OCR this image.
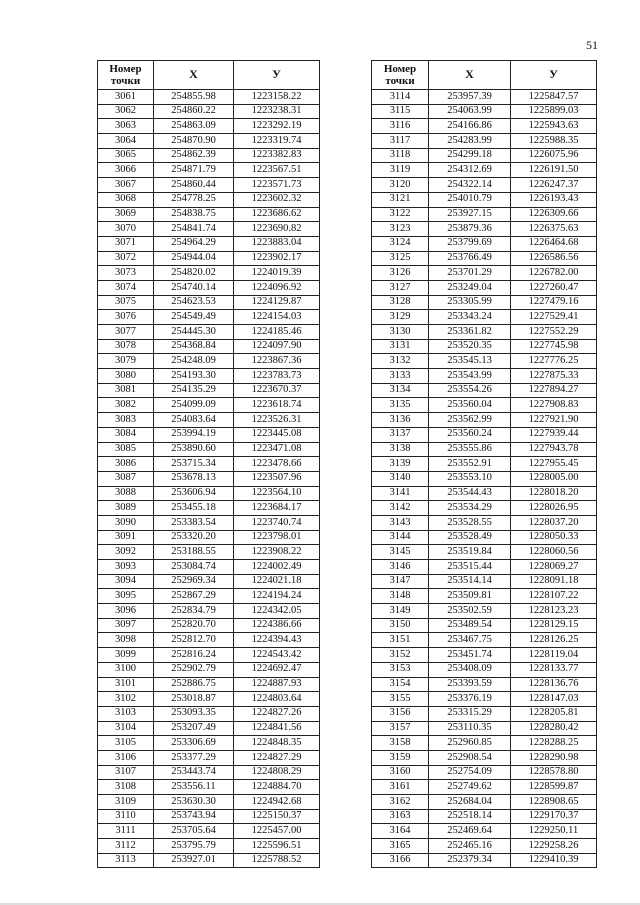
51
Номер
точки	X	У
3061	254855.98	1223158.22
3062	254860.22	1223238.31
3063	254863.09	1223292.19
3064	254870.90	1223319.74
3065	254862.39	1223382.83
3066	254871.79	1223567.51
3067	254860.44	1223571.73
3068	254778.25	1223602.32
3069	254838.75	1223686.62
3070	254841.74	1223690.82
3071	254964.29	1223883.04
3072	254944.04	1223902.17
3073	254820.02	1224019.39
3074	254740.14	1224096.92
3075	254623.53	1224129.87
3076	254549.49	1224154.03
3077	254445.30	1224185.46
3078	254368.84	1224097.90
3079	254248.09	1223867.36
3080	254193.30	1223783.73
3081	254135.29	1223670.37
3082	254099.09	1223618.74
3083	254083.64	1223526.31
3084	253994.19	1223445.08
3085	253890.60	1223471.08
3086	253715.34	1223478.66
3087	253678.13	1223507.96
3088	253606.94	1223564.10
3089	253455.18	1223684.17
3090	253383.54	1223740.74
3091	253320.20	1223798.01
3092	253188.55	1223908.22
3093	253084.74	1224002.49
3094	252969.34	1224021.18
3095	252867.29	1224194.24
3096	252834.79	1224342.05
3097	252820.70	1224386.66
3098	252812.70	1224394.43
3099	252816.24	1224543.42
3100	252902.79	1224692.47
3101	252886.75	1224887.93
3102	253018.87	1224803.64
3103	253093.35	1224827.26
3104	253207.49	1224841.56
3105	253306.69	1224848.35
3106	253377.29	1224827.29
3107	253443.74	1224808.29
3108	253556.11	1224884.70
3109	253630.30	1224942.68
3110	253743.94	1225150.37
3111	253705.64	1225457.00
3112	253795.79	1225596.51
3113	253927.01	1225788.52
Номер
точки	X	У
3114	253957.39	1225847.57
3115	254063.99	1225899.03
3116	254166.86	1225943.63
3117	254283.99	1225988.35
3118	254299.18	1226075.96
3119	254312.69	1226191.50
3120	254322.14	1226247.37
3121	254010.79	1226193.43
3122	253927.15	1226309.66
3123	253879.36	1226375.63
3124	253799.69	1226464.68
3125	253766.49	1226586.56
3126	253701.29	1226782.00
3127	253249.04	1227260.47
3128	253305.99	1227479.16
3129	253343.24	1227529.41
3130	253361.82	1227552.29
3131	253520.35	1227745.98
3132	253545.13	1227776.25
3133	253543.99	1227875.33
3134	253554.26	1227894.27
3135	253560.04	1227908.83
3136	253562.99	1227921.90
3137	253560.24	1227939.44
3138	253555.86	1227943.78
3139	253552.91	1227955.45
3140	253553.10	1228005.00
3141	253544.43	1228018.20
3142	253534.29	1228026.95
3143	253528.55	1228037.20
3144	253528.49	1228050.33
3145	253519.84	1228060.56
3146	253515.44	1228069.27
3147	253514.14	1228091.18
3148	253509.81	1228107.22
3149	253502.59	1228123.23
3150	253489.54	1228129.15
3151	253467.75	1228126.25
3152	253451.74	1228119.04
3153	253408.09	1228133.77
3154	253393.59	1228136.76
3155	253376.19	1228147.03
3156	253315.29	1228205.81
3157	253110.35	1228280.42
3158	252960.85	1228288.25
3159	252908.54	1228290.98
3160	252754.09	1228578.80
3161	252749.62	1228599.87
3162	252684.04	1228908.65
3163	252518.14	1229170.37
3164	252469.64	1229250.11
3165	252465.16	1229258.26
3166	252379.34	1229410.39
